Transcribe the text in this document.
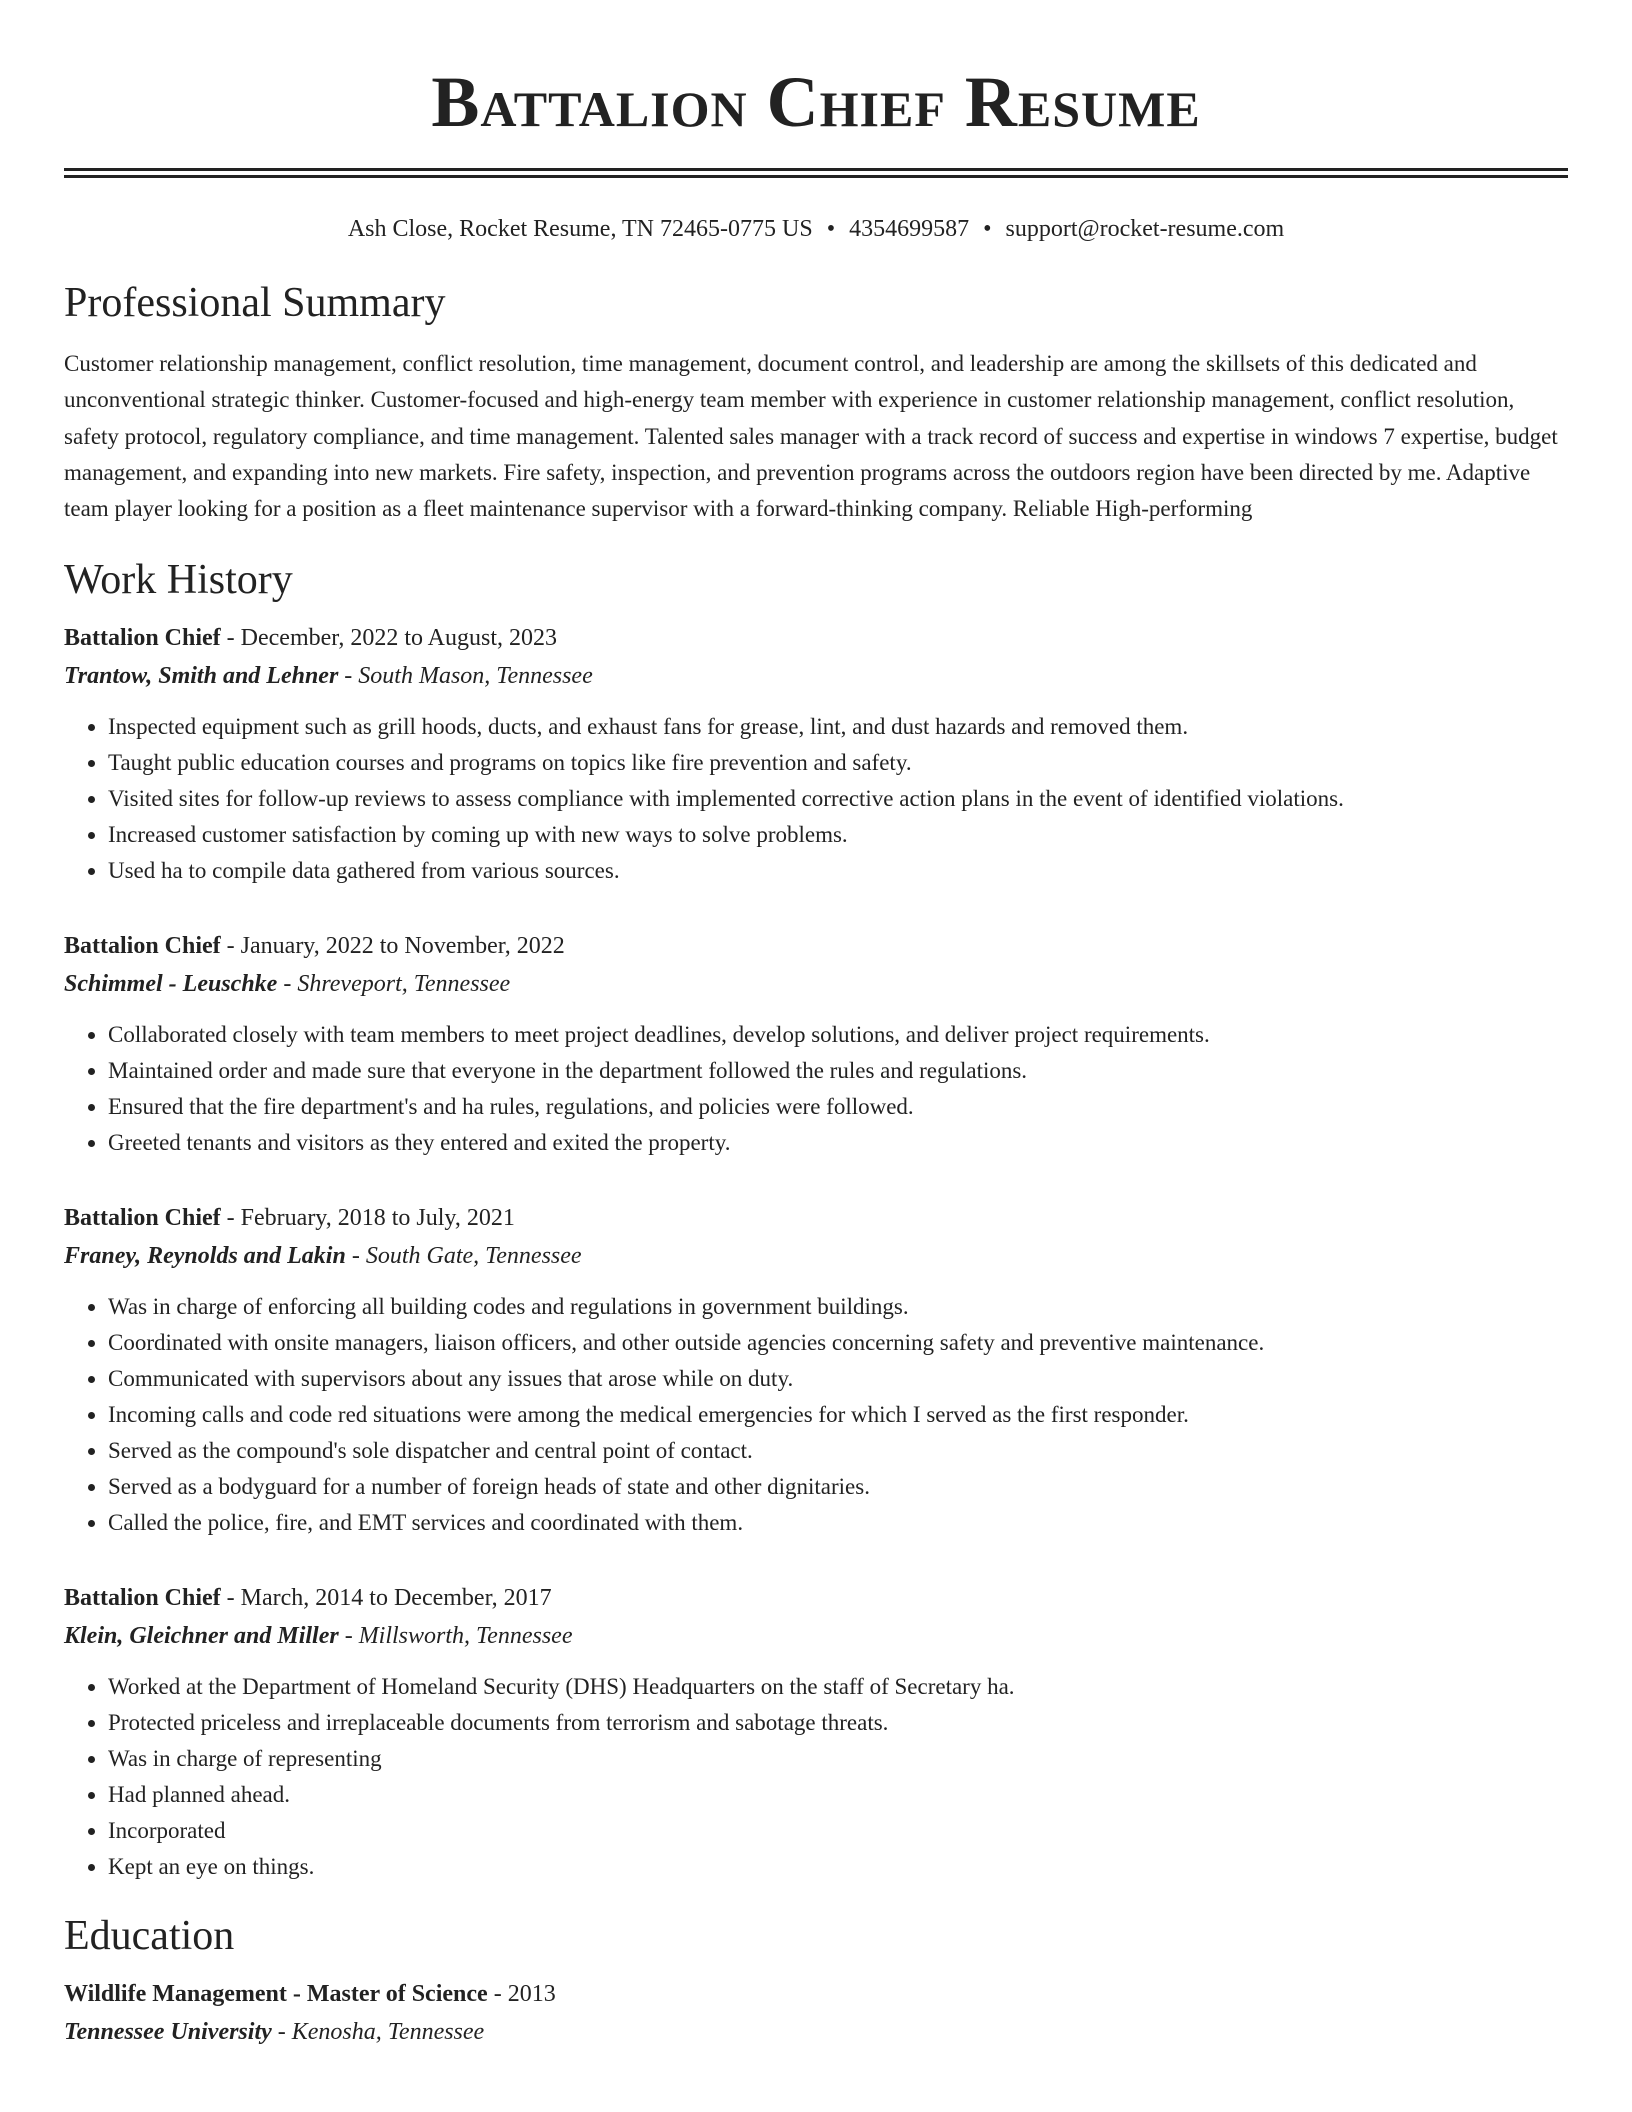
Battalion Chief Resume
Ash Close, Rocket Resume, TN 72465-0775 US • 4354699587 • support@rocket-resume.com
Professional Summary

Customer relationship management, conflict resolution, time management, document control, and leadership are among the skillsets of this dedicated and unconventional strategic thinker. Customer-focused and high-energy team member with experience in customer relationship management, conflict resolution, safety protocol, regulatory compliance, and time management. Talented sales manager with a track record of success and expertise in windows 7 expertise, budget management, and expanding into new markets. Fire safety, inspection, and prevention programs across the outdoors region have been directed by me. Adaptive team player looking for a position as a fleet maintenance supervisor with a forward-thinking company. Reliable High-performing

Work History
Battalion Chief - December, 2022 to August, 2023
Trantow, Smith and Lehner - South Mason, Tennessee
• Inspected equipment such as grill hoods, ducts, and exhaust fans for grease, lint, and dust hazards and removed them.
• Taught public education courses and programs on topics like fire prevention and safety.
• Visited sites for follow-up reviews to assess compliance with implemented corrective action plans in the event of identified violations.
• Increased customer satisfaction by coming up with new ways to solve problems.
• Used ha to compile data gathered from various sources.
Battalion Chief - January, 2022 to November, 2022
Schimmel - Leuschke - Shreveport, Tennessee
• Collaborated closely with team members to meet project deadlines, develop solutions, and deliver project requirements.
• Maintained order and made sure that everyone in the department followed the rules and regulations.
• Ensured that the fire department's and ha rules, regulations, and policies were followed.
• Greeted tenants and visitors as they entered and exited the property.
Battalion Chief - February, 2018 to July, 2021
Franey, Reynolds and Lakin - South Gate, Tennessee
• Was in charge of enforcing all building codes and regulations in government buildings.
• Coordinated with onsite managers, liaison officers, and other outside agencies concerning safety and preventive maintenance.
• Communicated with supervisors about any issues that arose while on duty.
• Incoming calls and code red situations were among the medical emergencies for which I served as the first responder.
• Served as the compound's sole dispatcher and central point of contact.
• Served as a bodyguard for a number of foreign heads of state and other dignitaries.
• Called the police, fire, and EMT services and coordinated with them.
Battalion Chief - March, 2014 to December, 2017
Klein, Gleichner and Miller - Millsworth, Tennessee
• Worked at the Department of Homeland Security (DHS) Headquarters on the staff of Secretary ha.
• Protected priceless and irreplaceable documents from terrorism and sabotage threats.
• Was in charge of representing
• Had planned ahead.
• Incorporated
• Kept an eye on things.
Education
Wildlife Management - Master of Science - 2013
Tennessee University - Kenosha, Tennessee
